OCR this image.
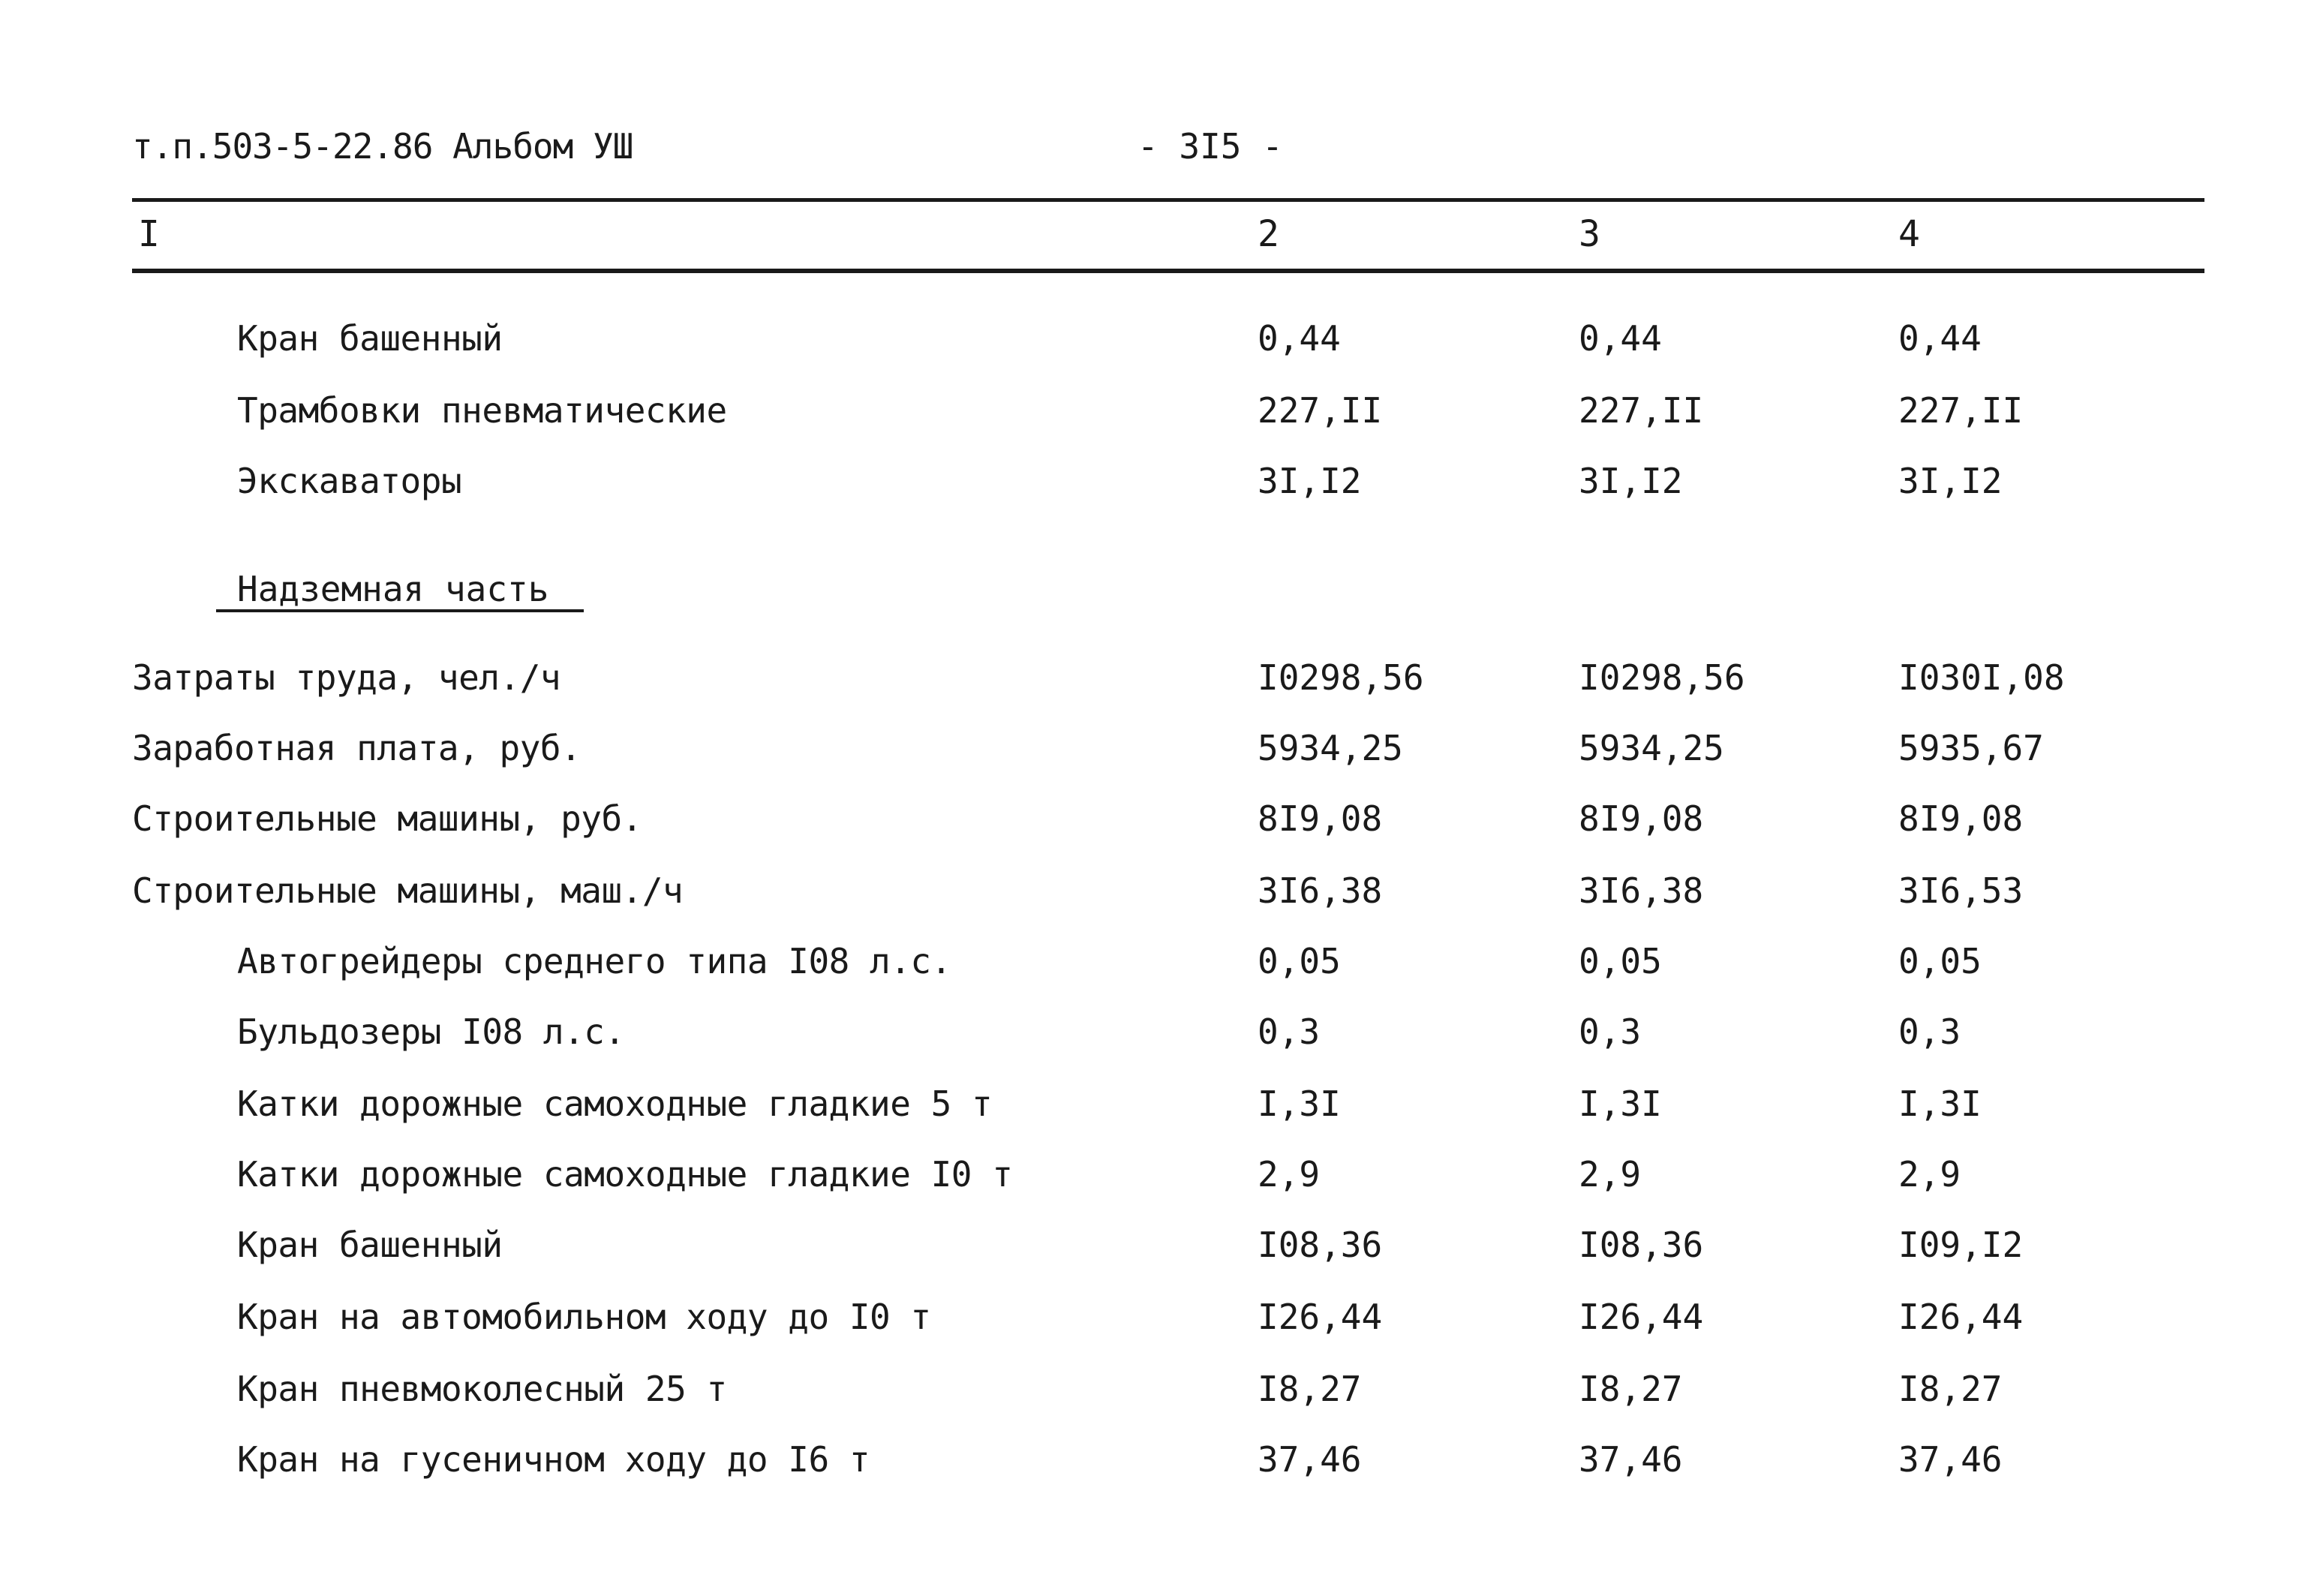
т.п.503-5-22.86 Альбом УШ	- 3I5 -
I	2	3	4
Кран башенный	0,44	0,44	0,44
Трамбовки пневматические	227,II	227,II	227,II
Экскаваторы	3I,I2	3I,I2	3I,I2
Надземная часть
Затраты труда, чел./ч	I0298,56	I0298,56	I030I,08
Заработная плата, руб.	5934,25	5934,25	5935,67
Строительные машины, руб.	8I9,08	8I9,08	8I9,08
Строительные машины, маш./ч	3I6,38	3I6,38	3I6,53
Автогрейдеры среднего типа I08 л.с.	0,05	0,05	0,05
Бульдозеры I08 л.с.	0,3	0,3	0,3
Катки дорожные самоходные гладкие 5 т	I,3I	I,3I	I,3I
Катки дорожные самоходные гладкие I0 т	2,9	2,9	2,9
Кран башенный	I08,36	I08,36	I09,I2
Кран на автомобильном ходу до I0 т	I26,44	I26,44	I26,44
Кран пневмоколесный 25 т	I8,27	I8,27	I8,27
Кран на гусеничном ходу до I6 т	37,46	37,46	37,46
